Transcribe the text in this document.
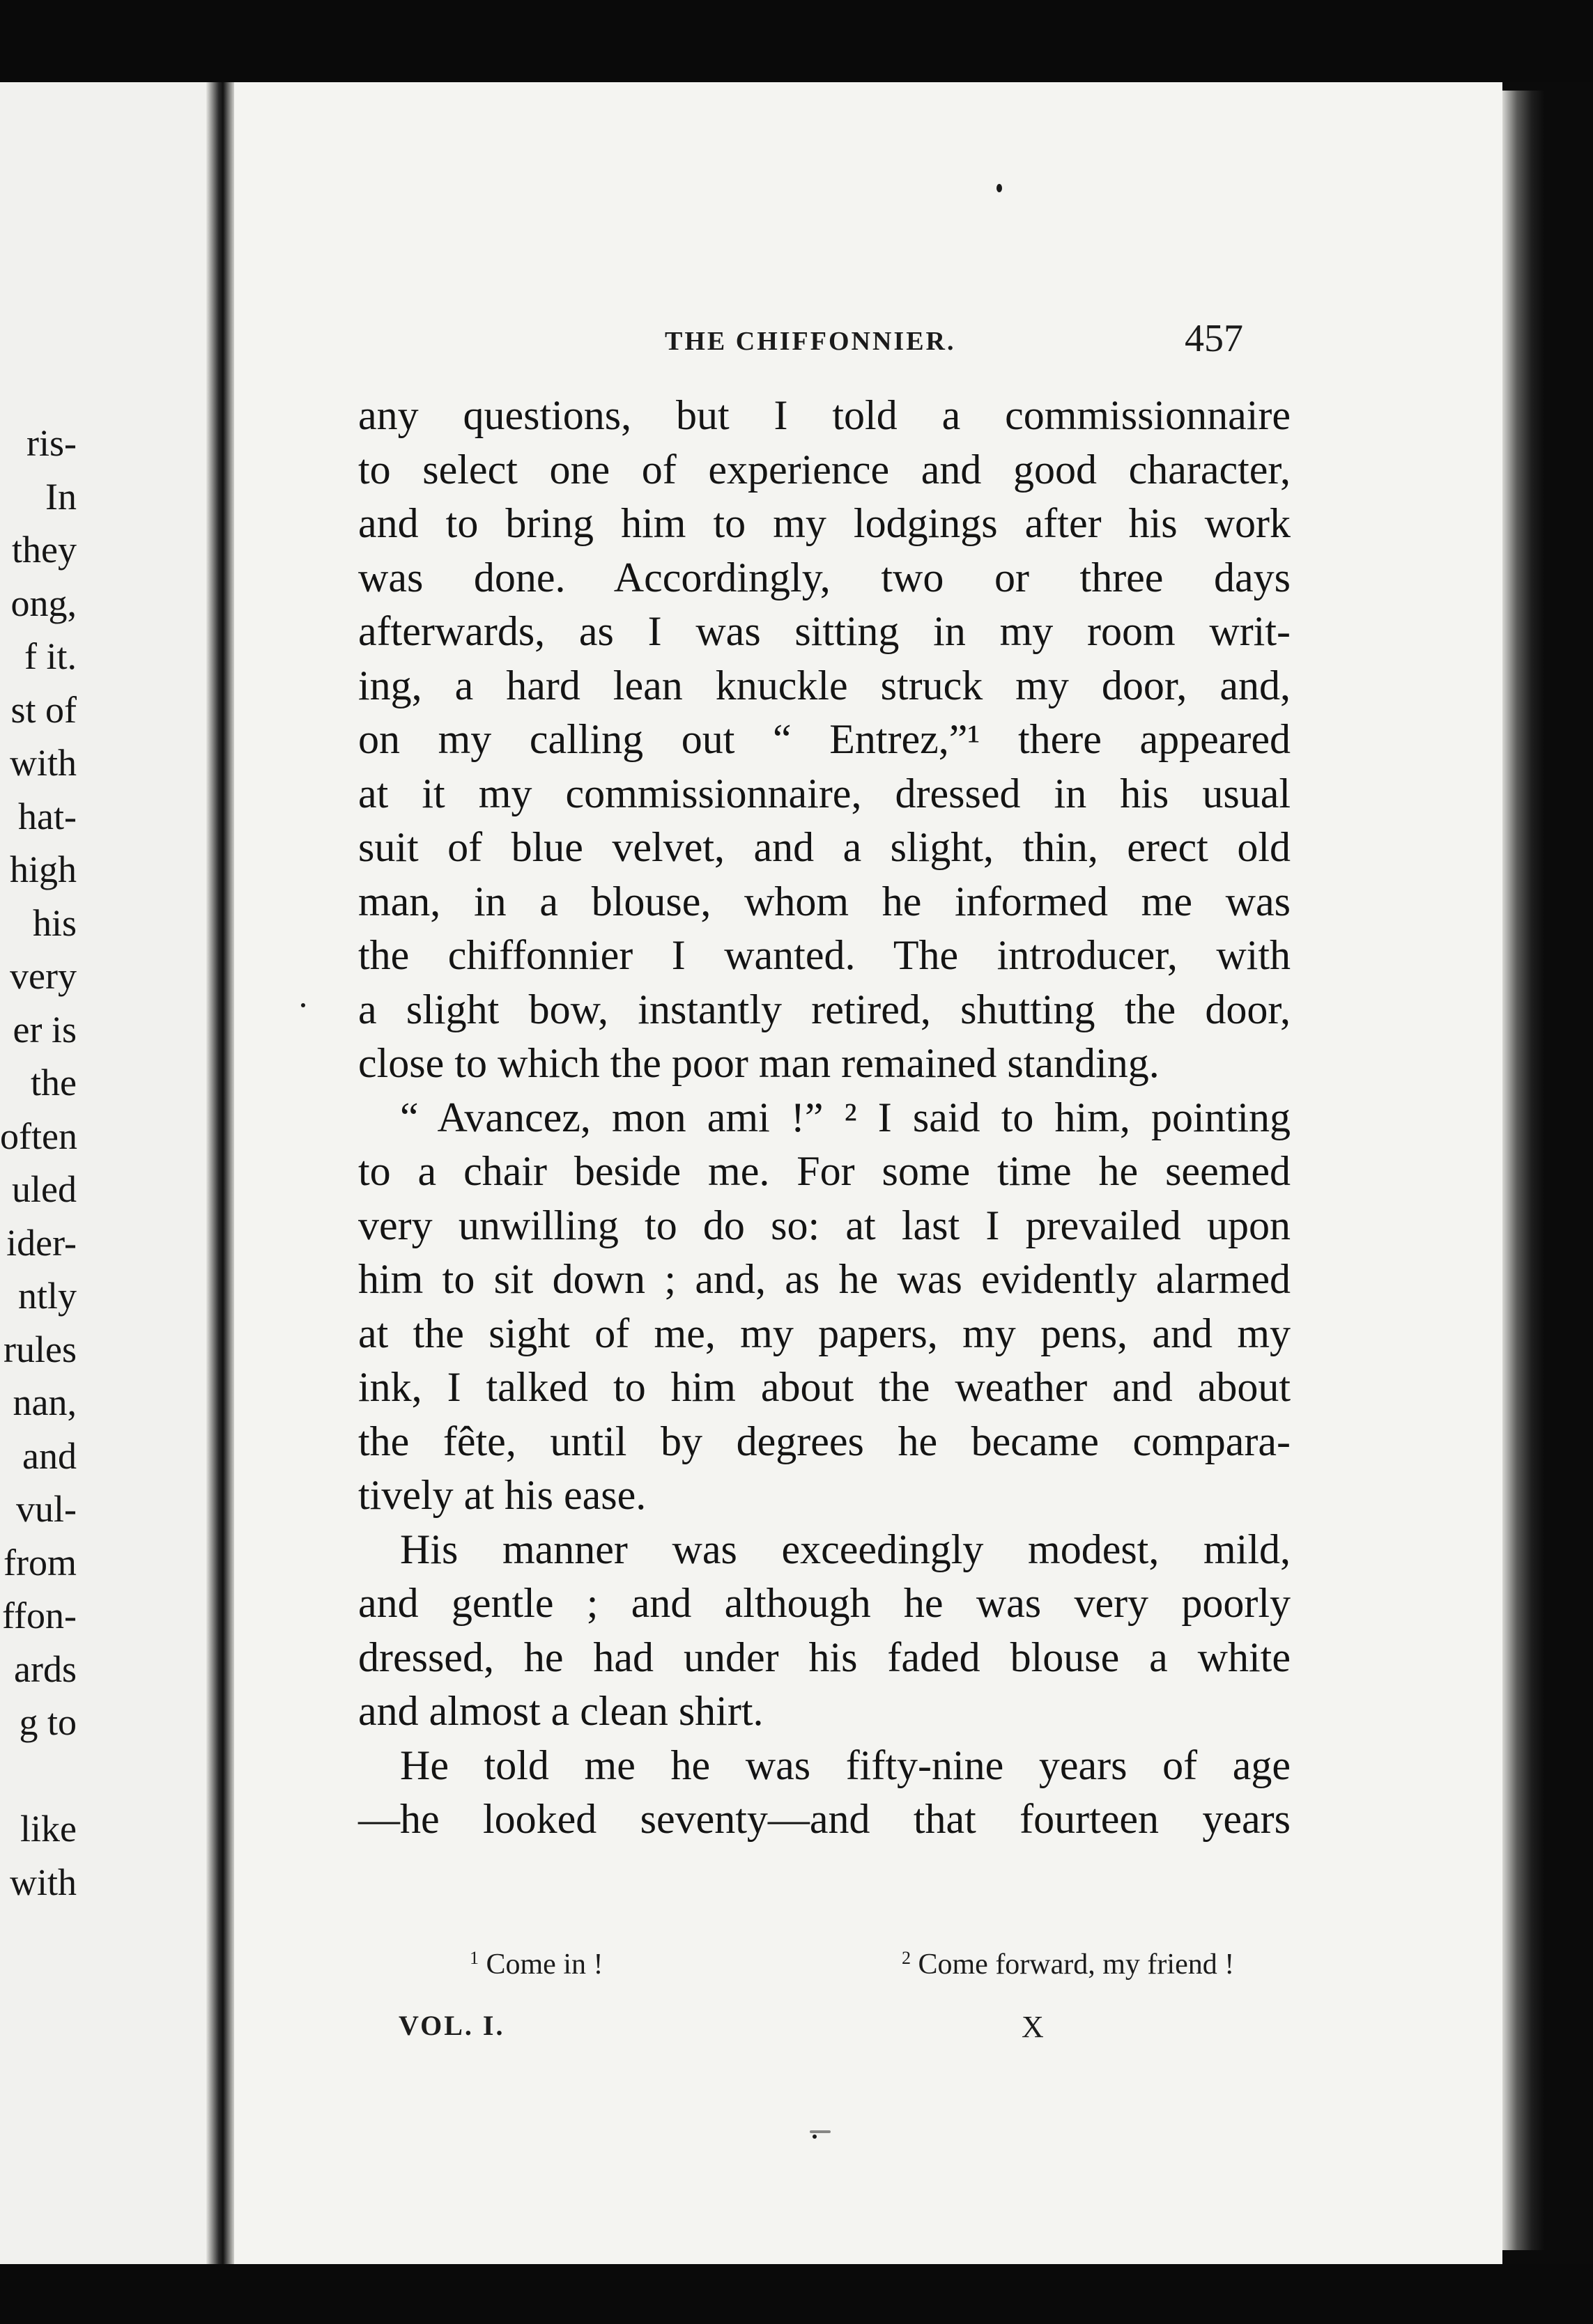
ris-
In
they
ong,
f it.
st of
with
hat-
high
his
very
er is
the
often
uled
ider-
ntly
rules
nan,
and
vul-
from
ffon-
ards
g to
like
with
THE CHIFFONNIER.	457
any questions, but I told a commissionnaire
to select one of experience and good character,
and to bring him to my lodgings after his work
was done. Accordingly, two or three days
afterwards, as I was sitting in my room writ-
ing, a hard lean knuckle struck my door, and,
on my calling out “ Entrez,”¹ there appeared
at it my commissionnaire, dressed in his usual
suit of blue velvet, and a slight, thin, erect old
man, in a blouse, whom he informed me was
the chiffonnier I wanted. The introducer, with
a slight bow, instantly retired, shutting the door,
close to which the poor man remained standing.
“ Avancez, mon ami !” ² I said to him, pointing
to a chair beside me. For some time he seemed
very unwilling to do so: at last I prevailed upon
him to sit down ; and, as he was evidently alarmed
at the sight of me, my papers, my pens, and my
ink, I talked to him about the weather and about
the fête, until by degrees he became compara-
tively at his ease.
His manner was exceedingly modest, mild,
and gentle ; and although he was very poorly
dressed, he had under his faded blouse a white
and almost a clean shirt.
He told me he was fifty-nine years of age
—he looked seventy—and that fourteen years
$^1$ Come in !	$^2$ Come forward, my friend !
VOL. I.	X
